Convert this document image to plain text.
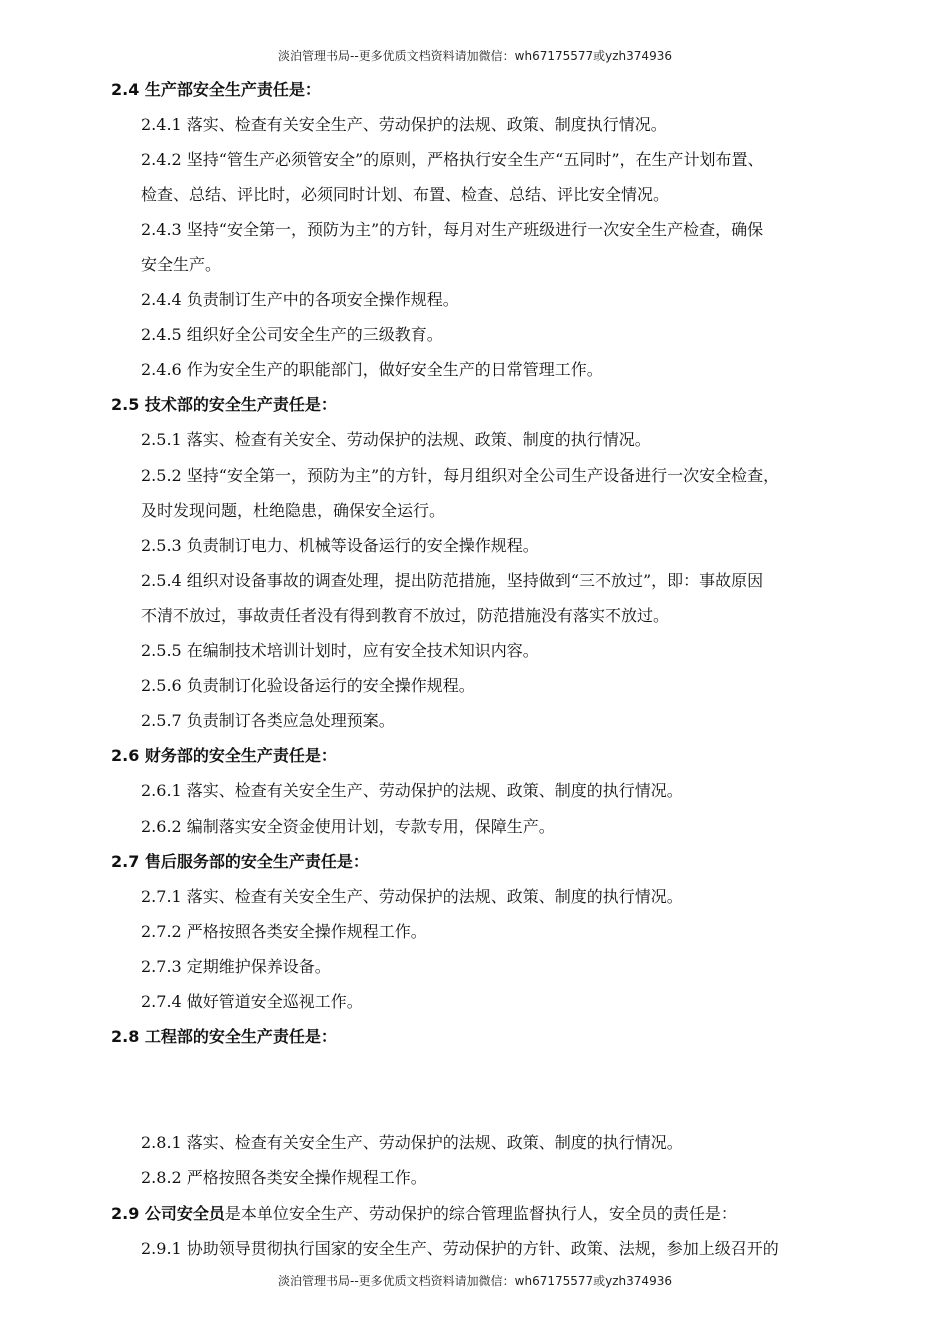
淡泊管理书局--更多优质文档资料请加微信：wh67175577或yzh374936
2.4 生产部安全生产责任是：
2.4.1 落实、检查有关安全生产、劳动保护的法规、政策、制度执行情况。
2.4.2 坚持“管生产必须管安全”的原则，严格执行安全生产“五同时”，在生产计划布置、
检查、总结、评比时，必须同时计划、布置、检查、总结、评比安全情况。
2.4.3 坚持“安全第一，预防为主”的方针，每月对生产班级进行一次安全生产检查，确保
安全生产。
2.4.4 负责制订生产中的各项安全操作规程。
2.4.5 组织好全公司安全生产的三级教育。
2.4.6 作为安全生产的职能部门，做好安全生产的日常管理工作。
2.5 技术部的安全生产责任是：
2.5.1 落实、检查有关安全、劳动保护的法规、政策、制度的执行情况。
2.5.2 坚持“安全第一，预防为主”的方针，每月组织对全公司生产设备进行一次安全检查，
及时发现问题，杜绝隐患，确保安全运行。
2.5.3 负责制订电力、机械等设备运行的安全操作规程。
2.5.4 组织对设备事故的调查处理，提出防范措施，坚持做到“三不放过”，即：事故原因
不清不放过，事故责任者没有得到教育不放过，防范措施没有落实不放过。
2.5.5 在编制技术培训计划时，应有安全技术知识内容。
2.5.6 负责制订化验设备运行的安全操作规程。
2.5.7 负责制订各类应急处理预案。
2.6 财务部的安全生产责任是：
2.6.1 落实、检查有关安全生产、劳动保护的法规、政策、制度的执行情况。
2.6.2 编制落实安全资金使用计划，专款专用，保障生产。
2.7 售后服务部的安全生产责任是：
2.7.1 落实、检查有关安全生产、劳动保护的法规、政策、制度的执行情况。
2.7.2 严格按照各类安全操作规程工作。
2.7.3 定期维护保养设备。
2.7.4 做好管道安全巡视工作。
2.8 工程部的安全生产责任是：
2.8.1 落实、检查有关安全生产、劳动保护的法规、政策、制度的执行情况。
2.8.2 严格按照各类安全操作规程工作。
2.9 公司安全员是本单位安全生产、劳动保护的综合管理监督执行人，安全员的责任是：
2.9.1 协助领导贯彻执行国家的安全生产、劳动保护的方针、政策、法规，参加上级召开的
淡泊管理书局--更多优质文档资料请加微信：wh67175577或yzh374936
